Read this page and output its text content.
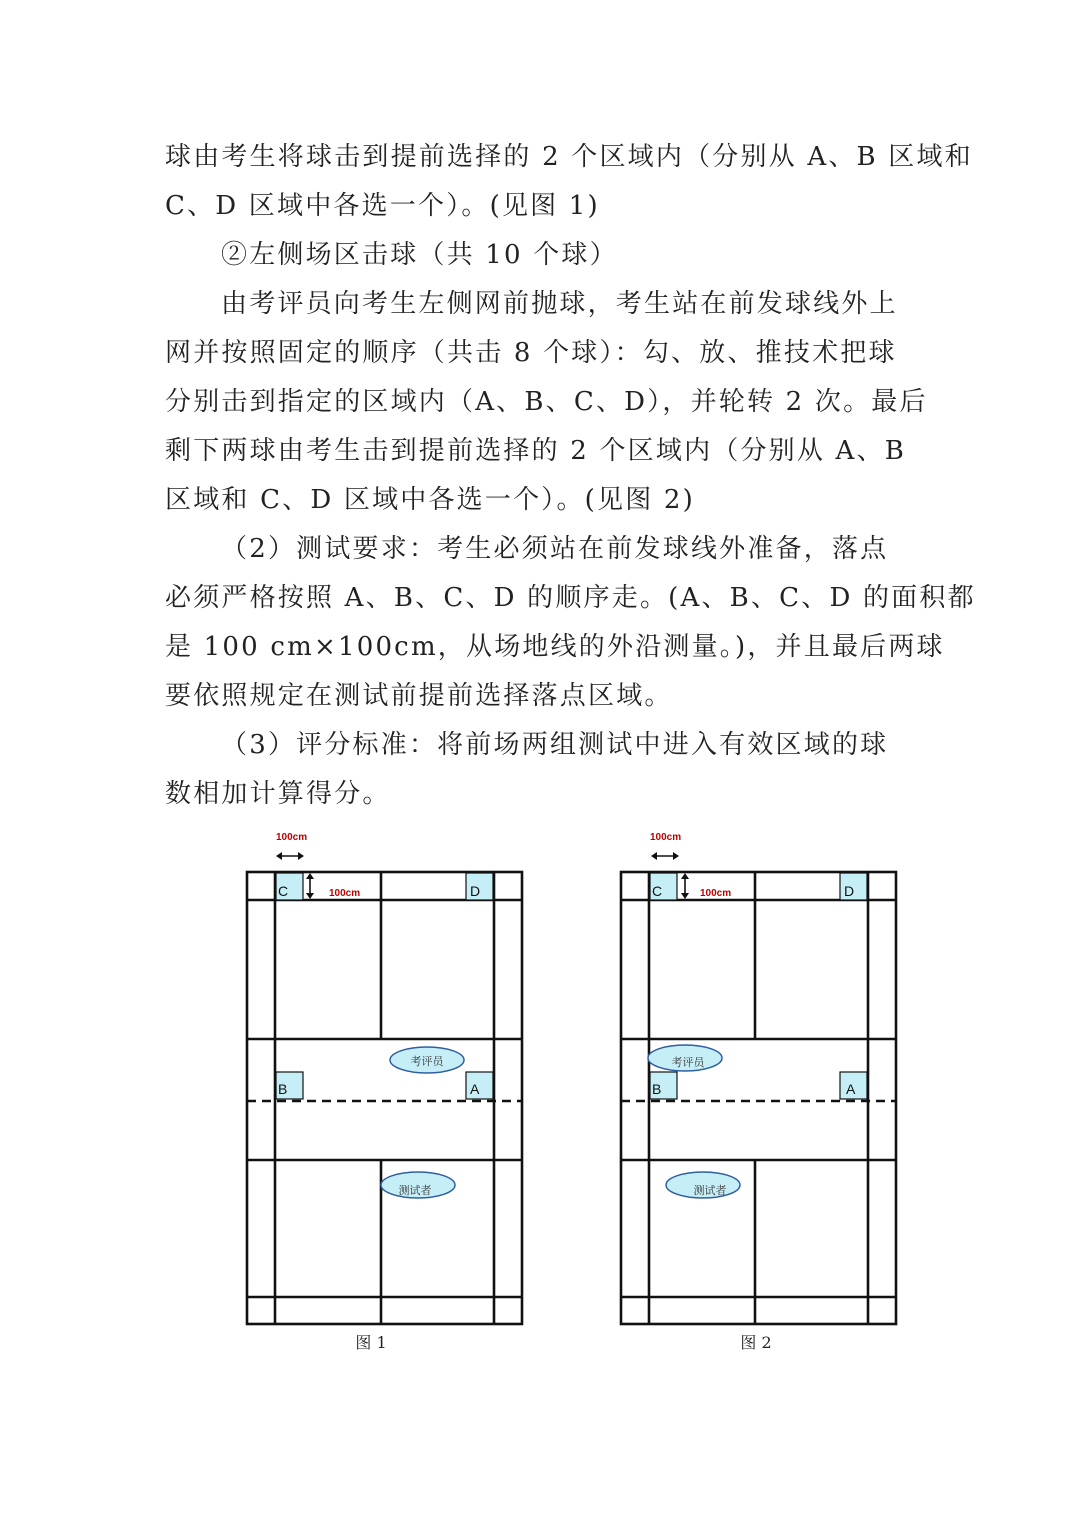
球由考生将球击到提前选择的 2 个区域内（分别从 A、B 区域和
C、D 区域中各选一个）。(见图 1)
②左侧场区击球（共 10 个球）
由考评员向考生左侧网前抛球，考生站在前发球线外上
网并按照固定的顺序（共击 8 个球）：勾、放、推技术把球
分别击到指定的区域内（A、B、C、D），并轮转 2 次。最后
剩下两球由考生击到提前选择的 2 个区域内（分别从 A、B
区域和 C、D 区域中各选一个）。(见图 2)
（2）测试要求：考生必须站在前发球线外准备，落点
必须严格按照 A、B、C、D 的顺序走。(A、B、C、D 的面积都
是 100 cm×100cm，从场地线的外沿测量。)，并且最后两球
要依照规定在测试前提前选择落点区域。
（3）评分标准：将前场两组测试中进入有效区域的球
数相加计算得分。
C	D
B	A
100cm
100cm
考评员
测试者
图 1
C	D
B	A
100cm
100cm
考评员
测试者
图 2
